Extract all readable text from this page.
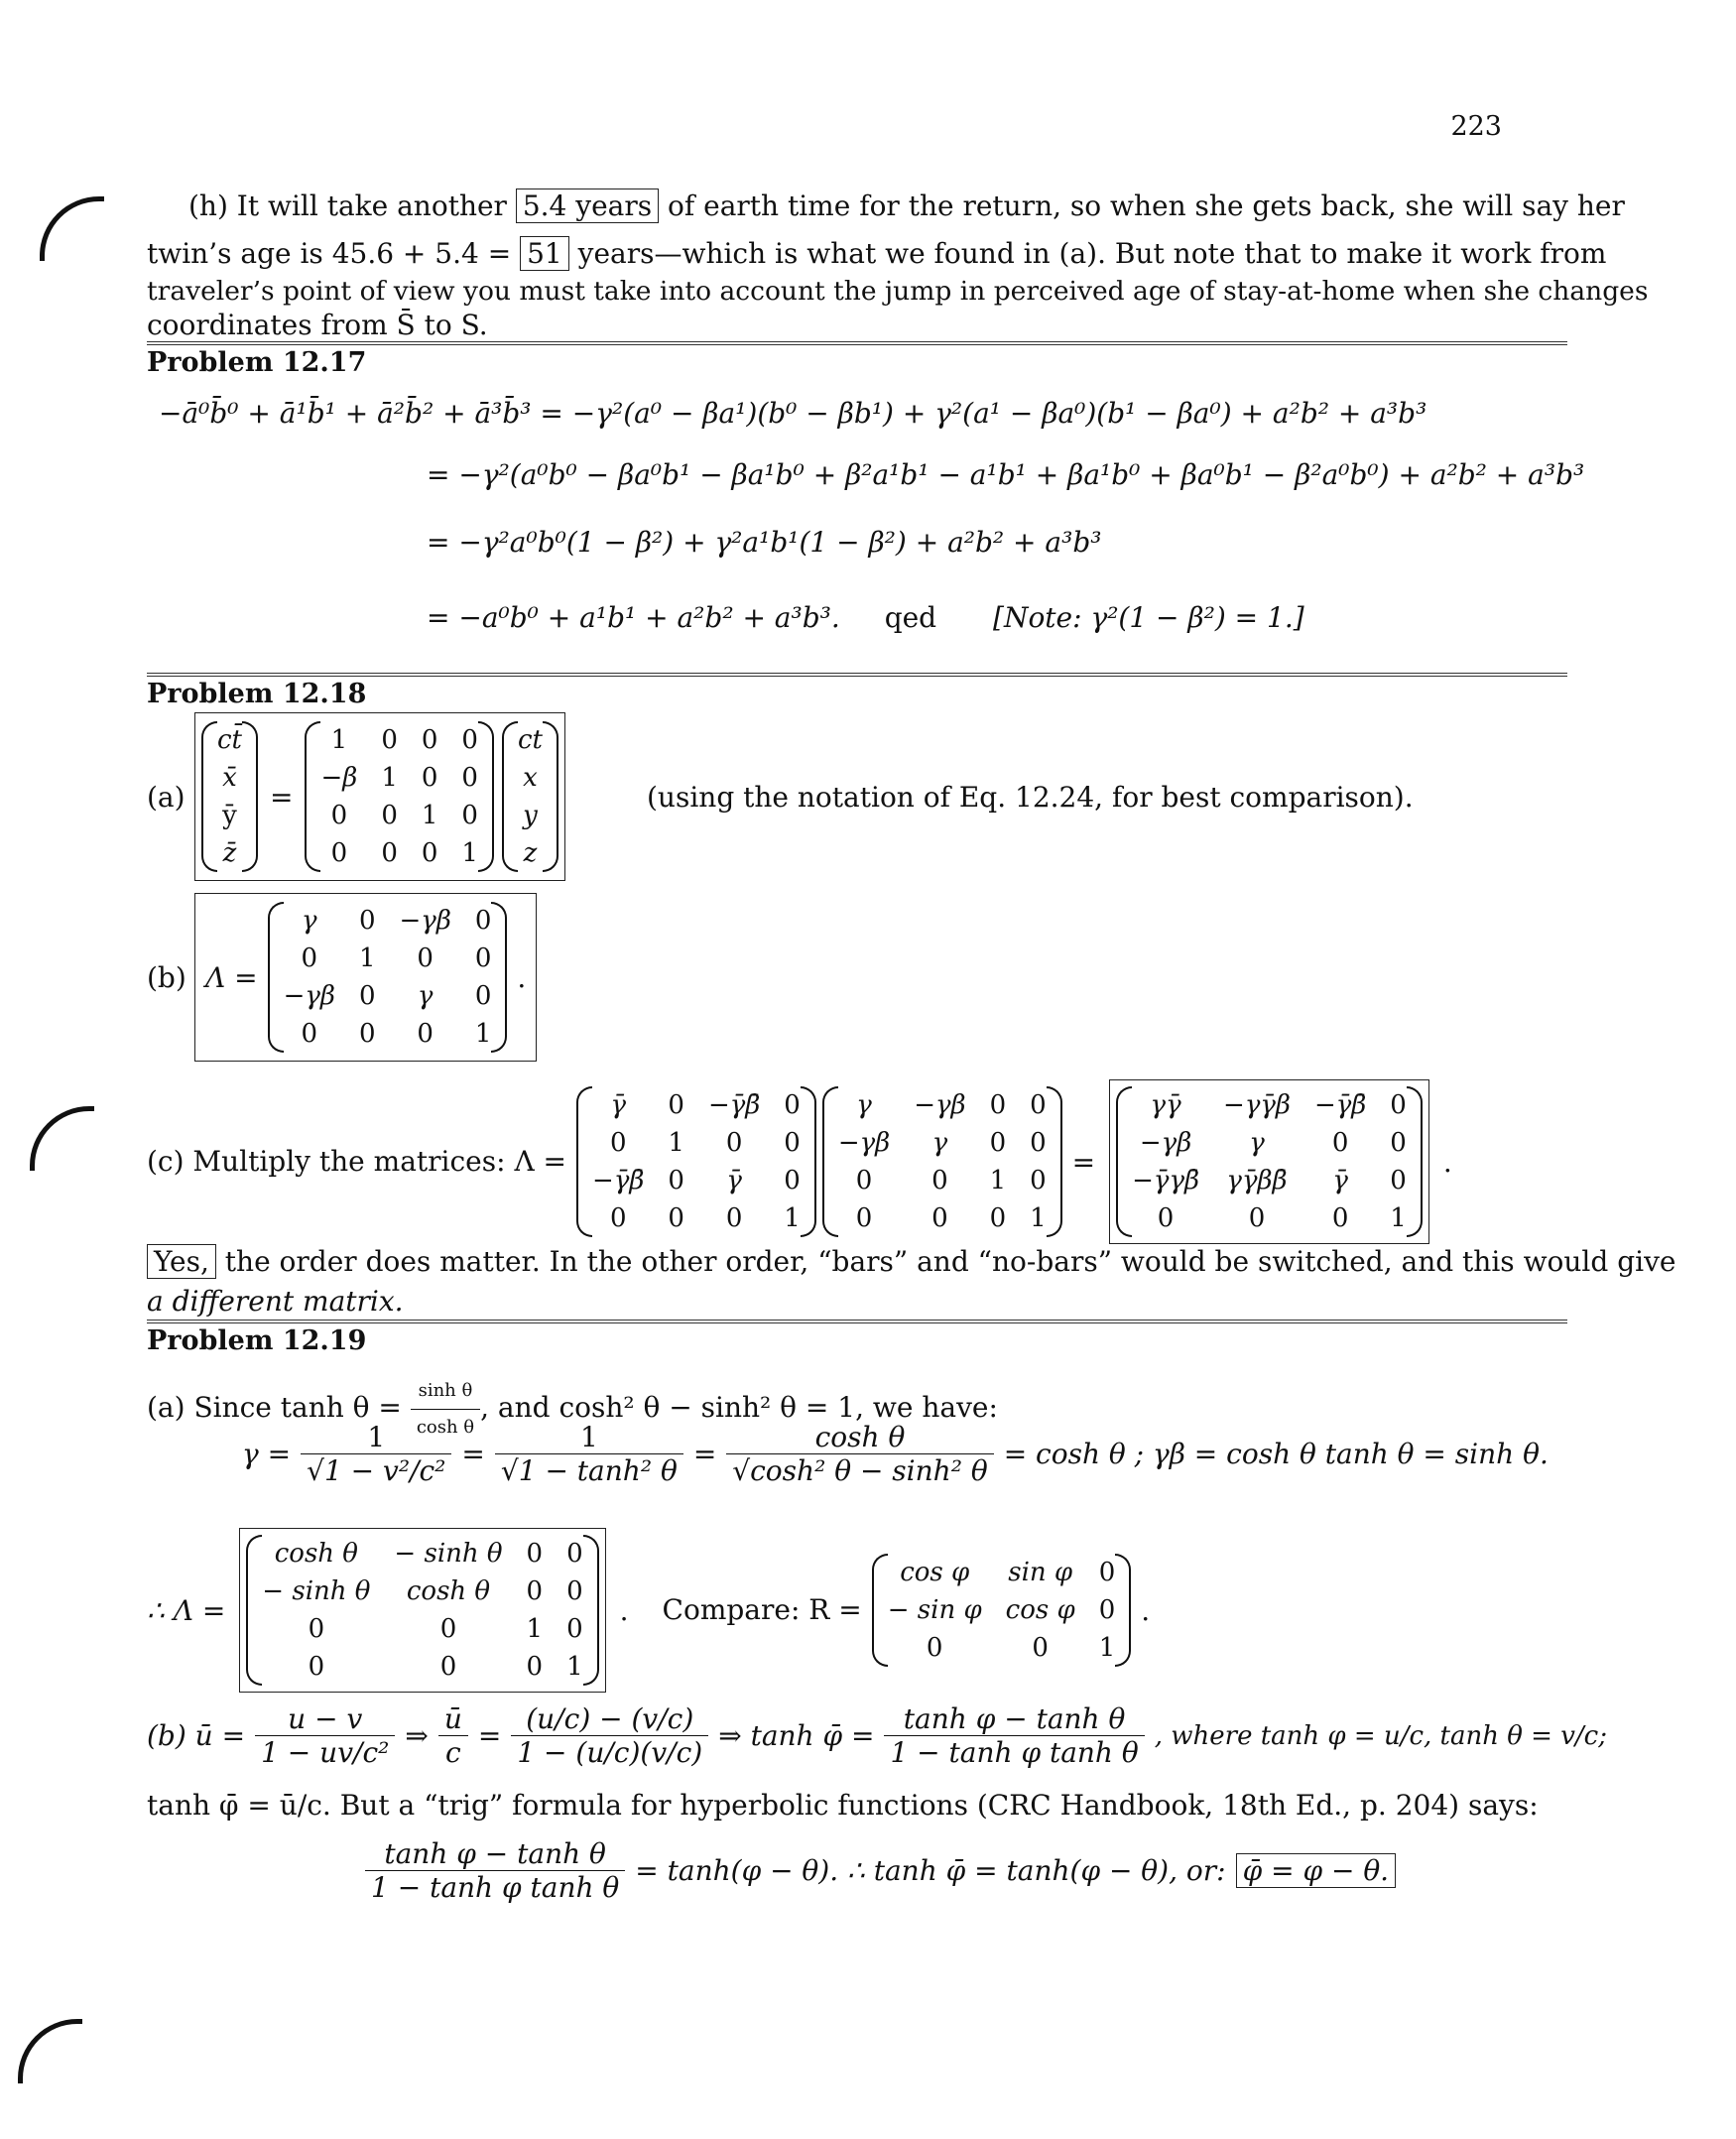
223
(h) It will take another 5.4 years of earth time for the return, so when she gets back, she will say her
twin’s age is 45.6 + 5.4 = 51 years—which is what we found in (a). But note that to make it work from
traveler’s point of view you must take into account the jump in perceived age of stay-at-home when she changes
coordinates from S̄ to S.
Problem 12.17
−ā⁰b̄⁰ + ā¹b̄¹ + ā²b̄² + ā³b̄³ = −γ²(a⁰ − βa¹)(b⁰ − βb¹) + γ²(a¹ − βa⁰)(b¹ − βa⁰) + a²b² + a³b³
= −γ²(a⁰b⁰ − βa⁰b¹ − βa¹b⁰ + β²a¹b¹ − a¹b¹ + βa¹b⁰ + βa⁰b¹ − β²a⁰b⁰) + a²b² + a³b³
= −γ²a⁰b⁰(1 − β²) + γ²a¹b¹(1 − β²) + a²b² + a³b³
= −a⁰b⁰ + a¹b¹ + a²b² + a³b³. qed [Note: γ²(1 − β²) = 1.]
Problem 12.18
(a)
ct̄
x̄
ȳ
z̄
=
1	0	0	0
−β	1	0	0
0	0	1	0
0	0	0	1
ct
x
y
z
(using the notation of Eq. 12.24, for best comparison).
(b) Λ =
γ	0	−γβ	0
0	1	0	0
−γβ	0	γ	0
0	0	0	1
.
(c) Multiply the matrices: Λ =
γ̄	0	−γ̄β̄	0
0	1	0	0
−γ̄β̄	0	γ̄	0
0	0	0	1
γ	−γβ	0	0
−γβ	γ	0	0
0	0	1	0
0	0	0	1
=
γγ̄	−γγ̄β	−γ̄β̄	0
−γβ	γ	0	0
−γ̄γβ̄	γγ̄ββ̄	γ̄	0
0	0	0	1
.
Yes, the order does matter. In the other order, “bars” and “no-bars” would be switched, and this would give
a different matrix.
Problem 12.19
(a) Since $\tanh \theta = \frac{\text{sinh θ}}{\text{cosh θ}}$ , and cosh² θ − sinh² θ = 1, we have:
$\gamma = \frac{1}{\text{√1 − v²/c²}} = \frac{1}{\text{√1 − tanh² θ}} = \frac{\text{cosh θ}}{\text{√cosh² θ − sinh² θ}} = \cosh \theta$ ; γβ = cosh θ tanh θ = sinh θ.
∴ Λ =
cosh θ	− sinh θ	0	0
− sinh θ	cosh θ	0	0
0	0	1	0
0	0	0	1
. Compare: R =
cos φ	sin φ	0
− sin φ	cos φ	0
0	0	1
.
(b) ū = $\frac{u - v}{\text{1 − uv/c²}}$ ⇒ $\frac{ū}{c} = \frac{(u/c) - (v/c)}{1 - (u/c)(v/c)}$ ⇒ tanh φ̄ = $\frac{\text{tanh φ − tanh θ}}{\text{1 − tanh φ tanh θ}}$ , where tanh φ = u/c, tanh θ = v/c;
tanh φ̄ = ū/c. But a “trig” formula for hyperbolic functions (CRC Handbook, 18th Ed., p. 204) says:
$\frac{\text{tanh φ − tanh θ}}{\text{1 − tanh φ tanh θ}} = \tanh(\varphi - \theta)$. ∴ tanh φ̄ = tanh(φ − θ), or: φ̄ = φ − θ.
